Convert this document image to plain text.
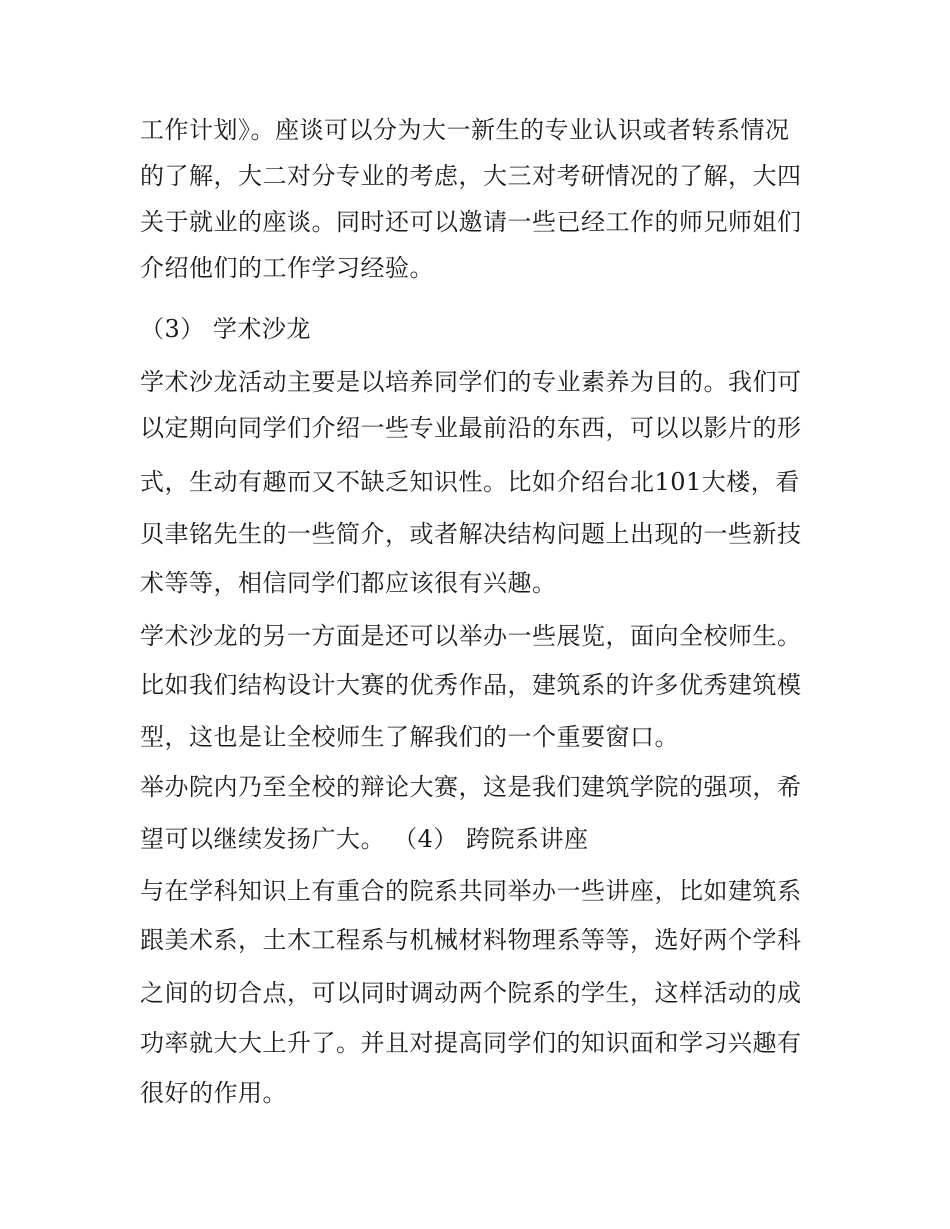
工作计划》。座谈可以分为大一新生的专业认识或者转系情况
的了解，大二对分专业的考虑，大三对考研情况的了解，大四
关于就业的座谈。同时还可以邀请一些已经工作的师兄师姐们
介绍他们的工作学习经验。
（3） 学术沙龙
学术沙龙活动主要是以培养同学们的专业素养为目的。我们可
以定期向同学们介绍一些专业最前沿的东西，可以以影片的形
式，生动有趣而又不缺乏知识性。比如介绍台北101大楼，看
贝聿铭先生的一些简介，或者解决结构问题上出现的一些新技
术等等，相信同学们都应该很有兴趣。
学术沙龙的另一方面是还可以举办一些展览，面向全校师生。
比如我们结构设计大赛的优秀作品，建筑系的许多优秀建筑模
型，这也是让全校师生了解我们的一个重要窗口。
举办院内乃至全校的辩论大赛，这是我们建筑学院的强项，希
望可以继续发扬广大。 （4） 跨院系讲座
与在学科知识上有重合的院系共同举办一些讲座，比如建筑系
跟美术系，土木工程系与机械材料物理系等等，选好两个学科
之间的切合点，可以同时调动两个院系的学生，这样活动的成
功率就大大上升了。并且对提高同学们的知识面和学习兴趣有
很好的作用。
